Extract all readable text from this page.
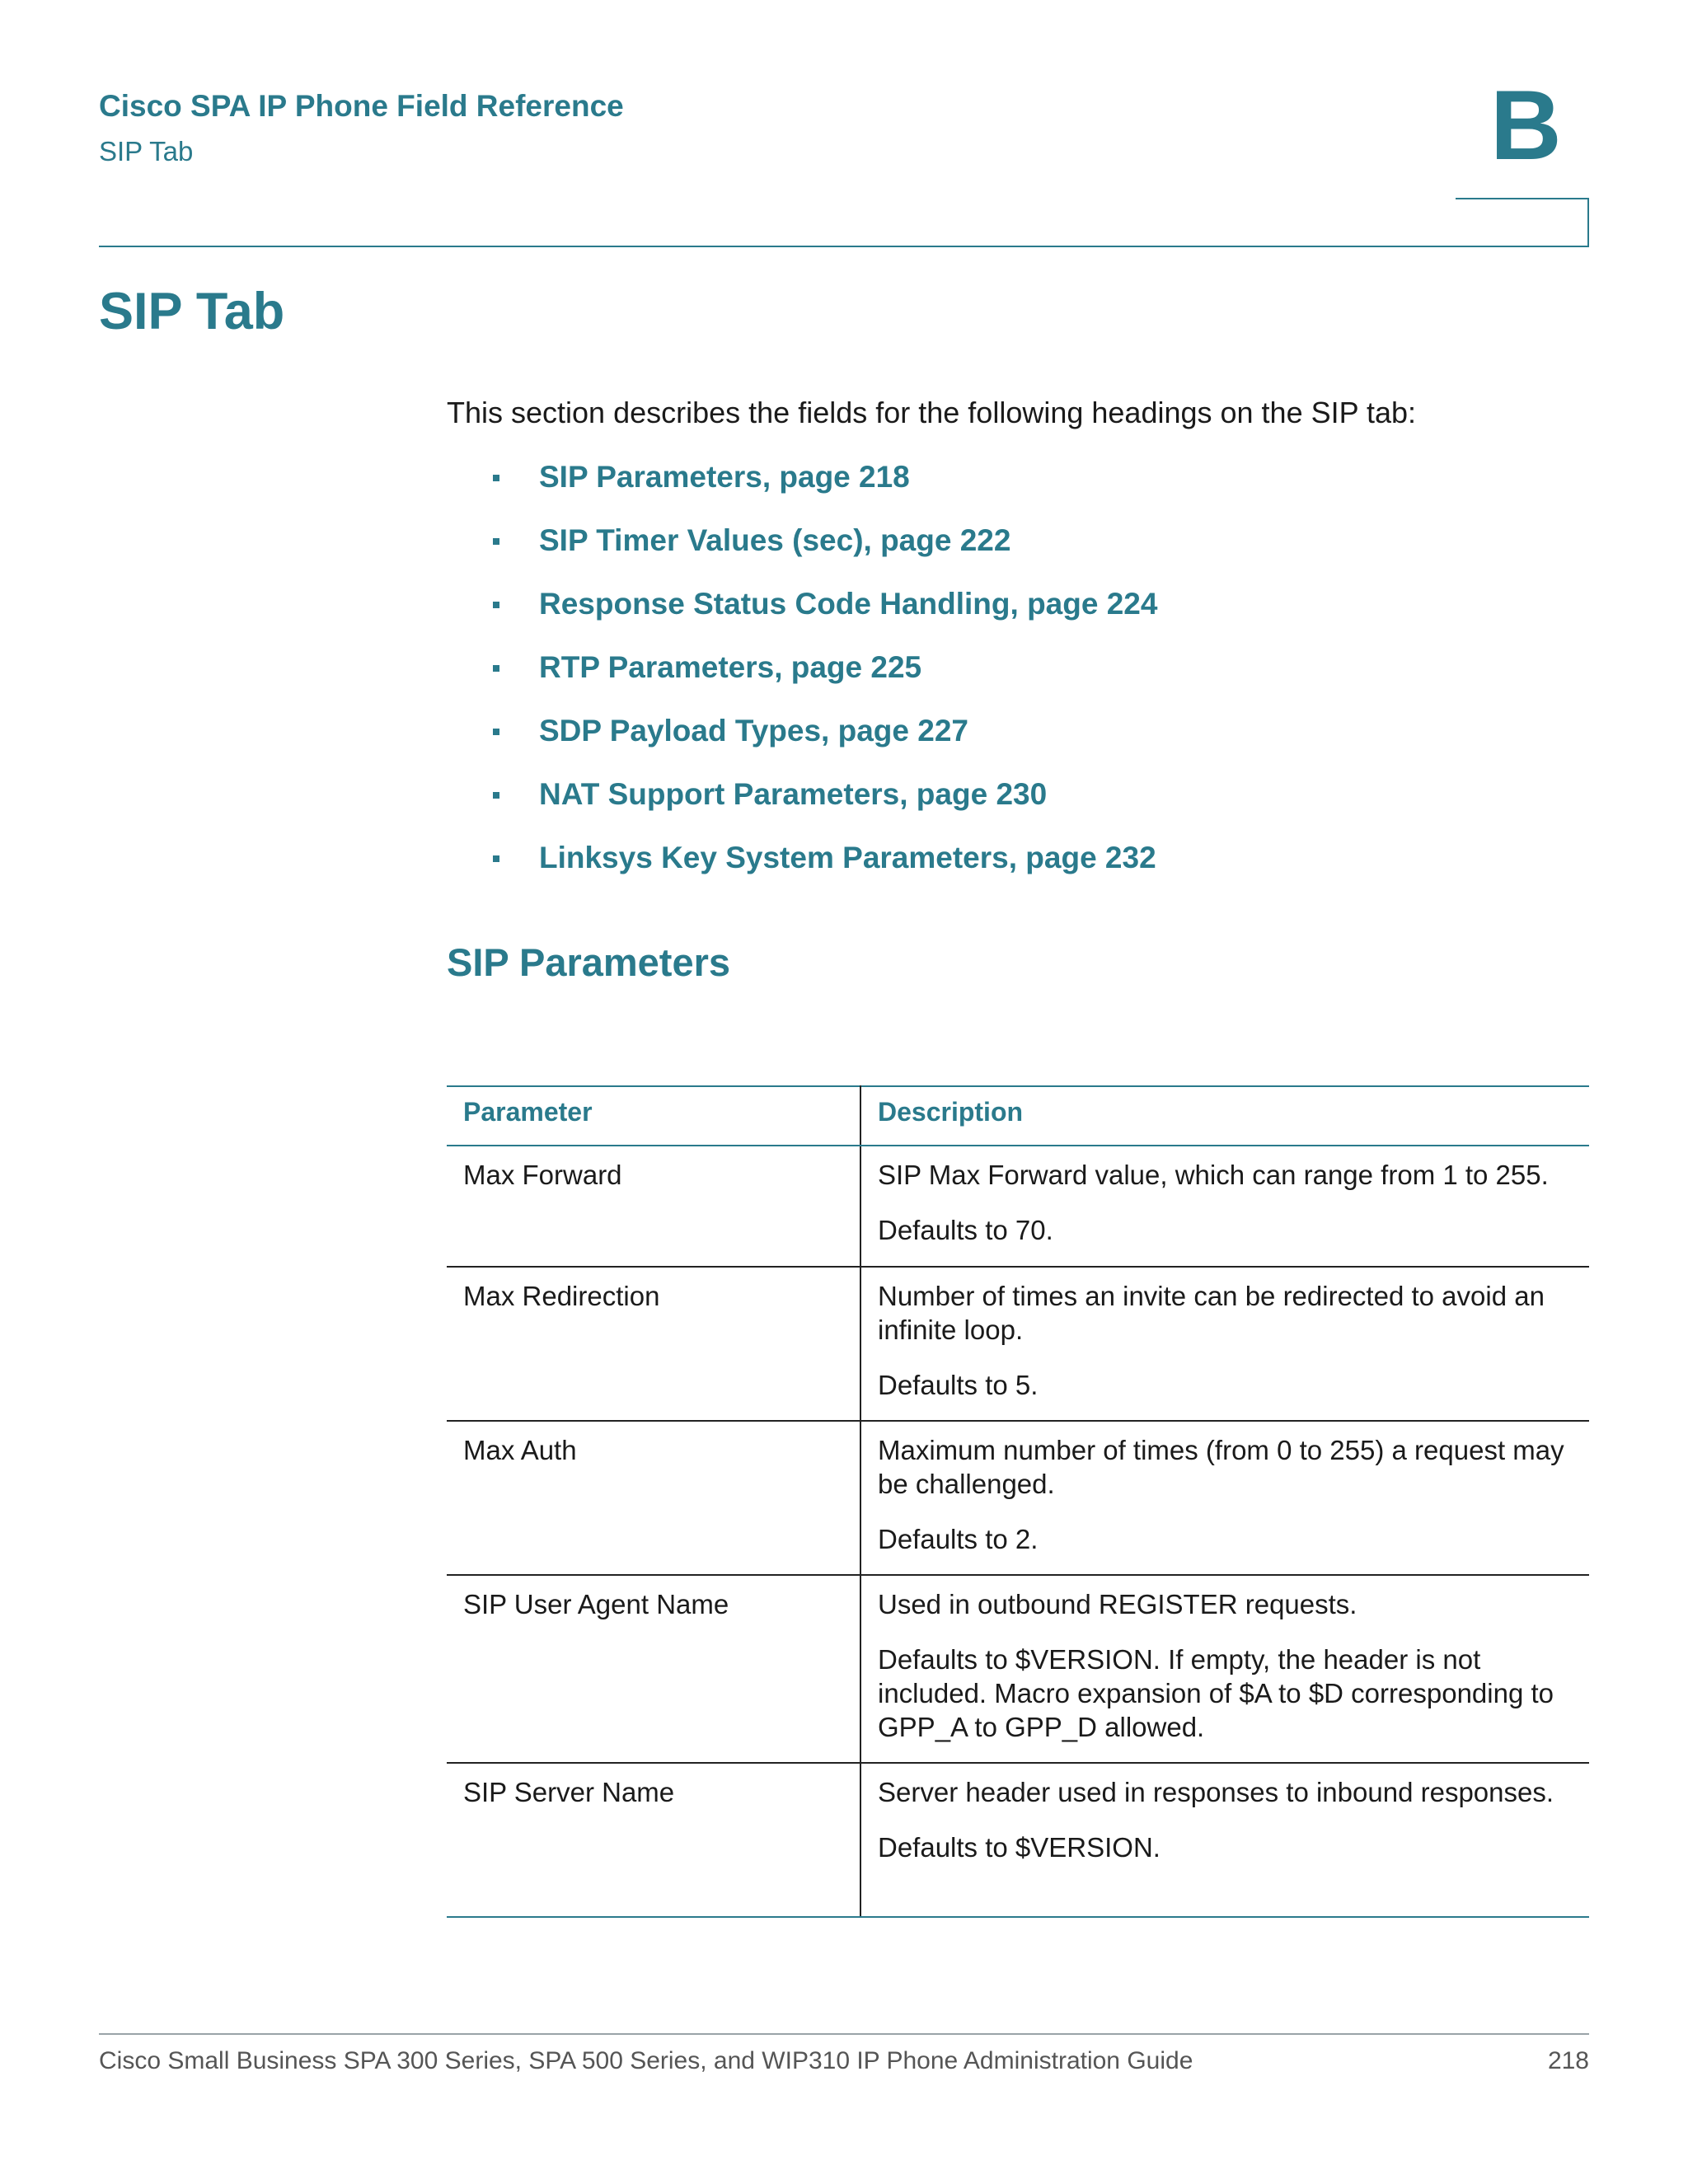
Cisco SPA IP Phone Field Reference
SIP Tab	B
SIP Tab

This section describes the fields for the following headings on the SIP tab:

SIP Parameters, page 218
SIP Timer Values (sec), page 222
Response Status Code Handling, page 224
RTP Parameters, page 225
SDP Payload Types, page 227
NAT Support Parameters, page 230
Linksys Key System Parameters, page 232
SIP Parameters
Parameter	Description
Max Forward	SIP Max Forward value, which can range from 1 to 255.

Defaults to 70.

Max Redirection	Number of times an invite can be redirected to avoid an infinite loop.

Defaults to 5.

Max Auth	Maximum number of times (from 0 to 255) a request may be challenged.

Defaults to 2.

SIP User Agent Name	Used in outbound REGISTER requests.

Defaults to $VERSION. If empty, the header is not included. Macro expansion of $A to $D corresponding to GPP_A to GPP_D allowed.

SIP Server Name	Server header used in responses to inbound responses.

Defaults to $VERSION.

Cisco Small Business SPA 300 Series, SPA 500 Series, and WIP310 IP Phone Administration Guide	218
